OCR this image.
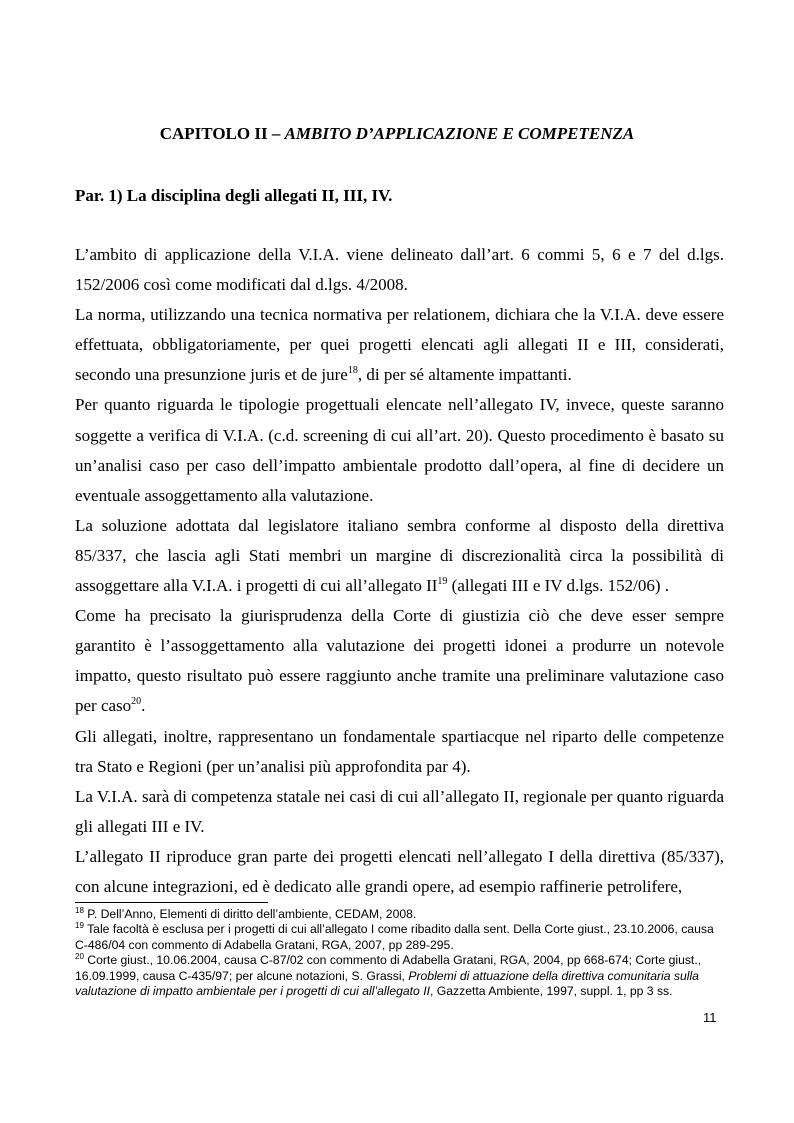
CAPITOLO II – AMBITO D’APPLICAZIONE E COMPETENZA
Par. 1) La disciplina degli allegati II, III, IV.

L’ambito di applicazione della V.I.A. viene delineato dall’art. 6 commi 5, 6 e 7 del d.lgs. 152/2006 così come modificati dal d.lgs. 4/2008.

La norma, utilizzando una tecnica normativa per relationem, dichiara che la V.I.A. deve essere effettuata, obbligatoriamente, per quei progetti elencati agli allegati II e III, considerati, secondo una presunzione juris et de jure$^{18}$, di per sé altamente impattanti.

Per quanto riguarda le tipologie progettuali elencate nell’allegato IV, invece, queste saranno soggette a verifica di V.I.A. (c.d. screening di cui all’art. 20). Questo procedimento è basato su un’analisi caso per caso dell’impatto ambientale prodotto dall’opera, al fine di decidere un eventuale assoggettamento alla valutazione.

La soluzione adottata dal legislatore italiano sembra conforme al disposto della direttiva 85/337, che lascia agli Stati membri un margine di discrezionalità circa la possibilità di assoggettare alla V.I.A. i progetti di cui all’allegato II$^{19}$ (allegati III e IV d.lgs. 152/06) .

Come ha precisato la giurisprudenza della Corte di giustizia ciò che deve esser sempre garantito è l’assoggettamento alla valutazione dei progetti idonei a produrre un notevole impatto, questo risultato può essere raggiunto anche tramite una preliminare valutazione caso per caso$^{20}$.

Gli allegati, inoltre, rappresentano un fondamentale spartiacque nel riparto delle competenze tra Stato e Regioni (per un’analisi più approfondita par 4).

La V.I.A. sarà di competenza statale nei casi di cui all’allegato II, regionale per quanto riguarda gli allegati III e IV.

L’allegato II riproduce gran parte dei progetti elencati nell’allegato I della direttiva (85/337), con alcune integrazioni, ed è dedicato alle grandi opere, ad esempio raffinerie petrolifere,

$^{18}$ P. Dell’Anno, Elementi di diritto dell’ambiente, CEDAM, 2008.

$^{19}$ Tale facoltà è esclusa per i progetti di cui all’allegato I come ribadito dalla sent. Della Corte giust., 23.10.2006, causa C-486/04 con commento di Adabella Gratani, RGA, 2007, pp 289-295.

$^{20}$ Corte giust., 10.06.2004, causa C-87/02 con commento di Adabella Gratani, RGA, 2004, pp 668-674; Corte giust., 16.09.1999, causa C-435/97; per alcune notazioni, S. Grassi, Problemi di attuazione della direttiva comunitaria sulla valutazione di impatto ambientale per i progetti di cui all’allegato II, Gazzetta Ambiente, 1997, suppl. 1, pp 3 ss.

11
